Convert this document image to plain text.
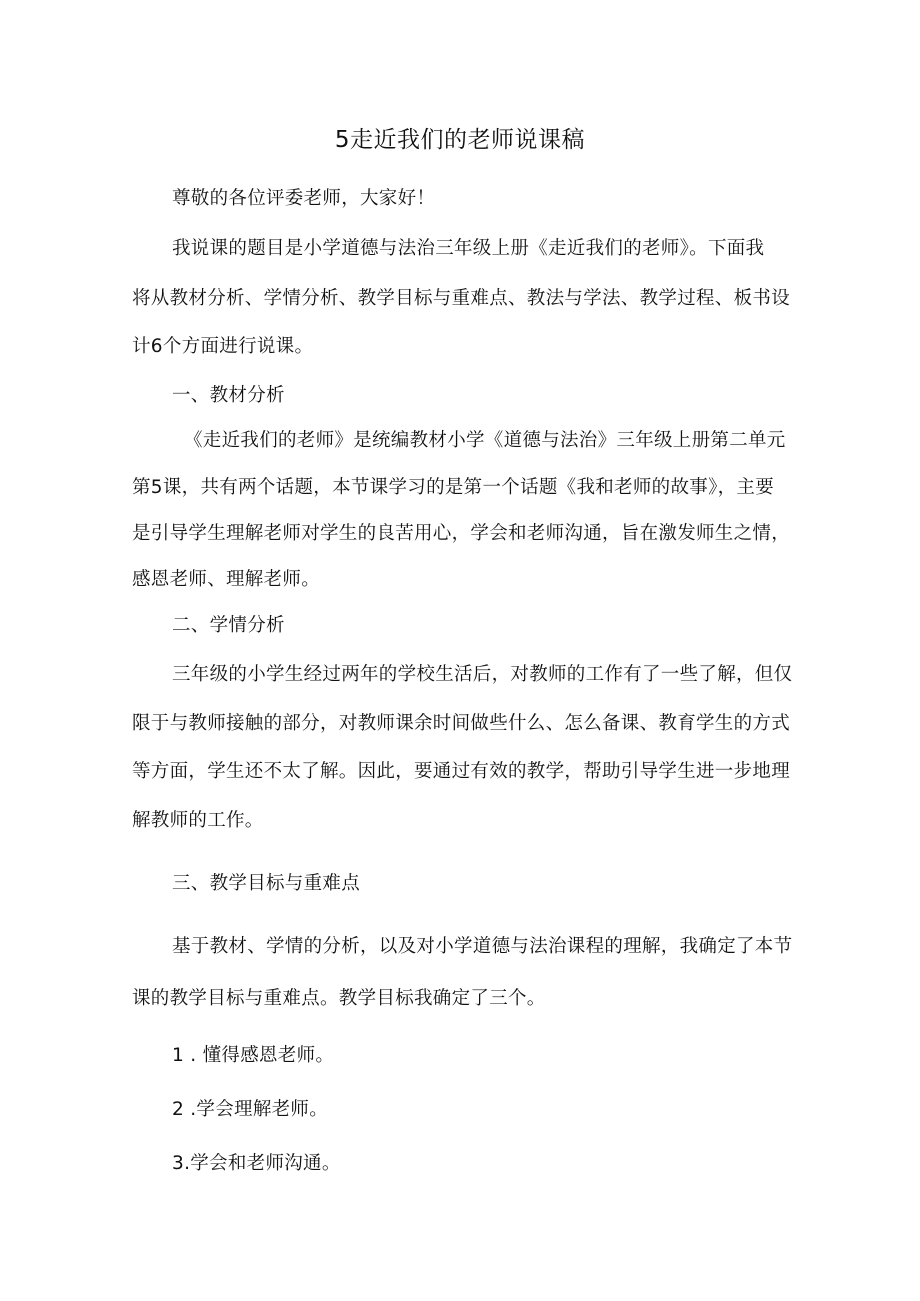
5走近我们的老师说课稿
尊敬的各位评委老师，大家好！
我说课的题目是小学道德与法治三年级上册《走近我们的老师》。下面我
将从教材分析、学情分析、教学目标与重难点、教法与学法、教学过程、板书设
计6个方面进行说课。
一、教材分析
《走近我们的老师》是统编教材小学《道德与法治》三年级上册第二单元
第5课，共有两个话题，本节课学习的是第一个话题《我和老师的故事》，主要
是引导学生理解老师对学生的良苦用心，学会和老师沟通，旨在激发师生之情，
感恩老师、理解老师。
二、学情分析
三年级的小学生经过两年的学校生活后，对教师的工作有了一些了解，但仅
限于与教师接触的部分，对教师课余时间做些什么、怎么备课、教育学生的方式
等方面，学生还不太了解。因此，要通过有效的教学，帮助引导学生进一步地理
解教师的工作。
三、教学目标与重难点
基于教材、学情的分析，以及对小学道德与法治课程的理解，我确定了本节
课的教学目标与重难点。教学目标我确定了三个。
1 . 懂得感恩老师。
2 .学会理解老师。
3.学会和老师沟通。
